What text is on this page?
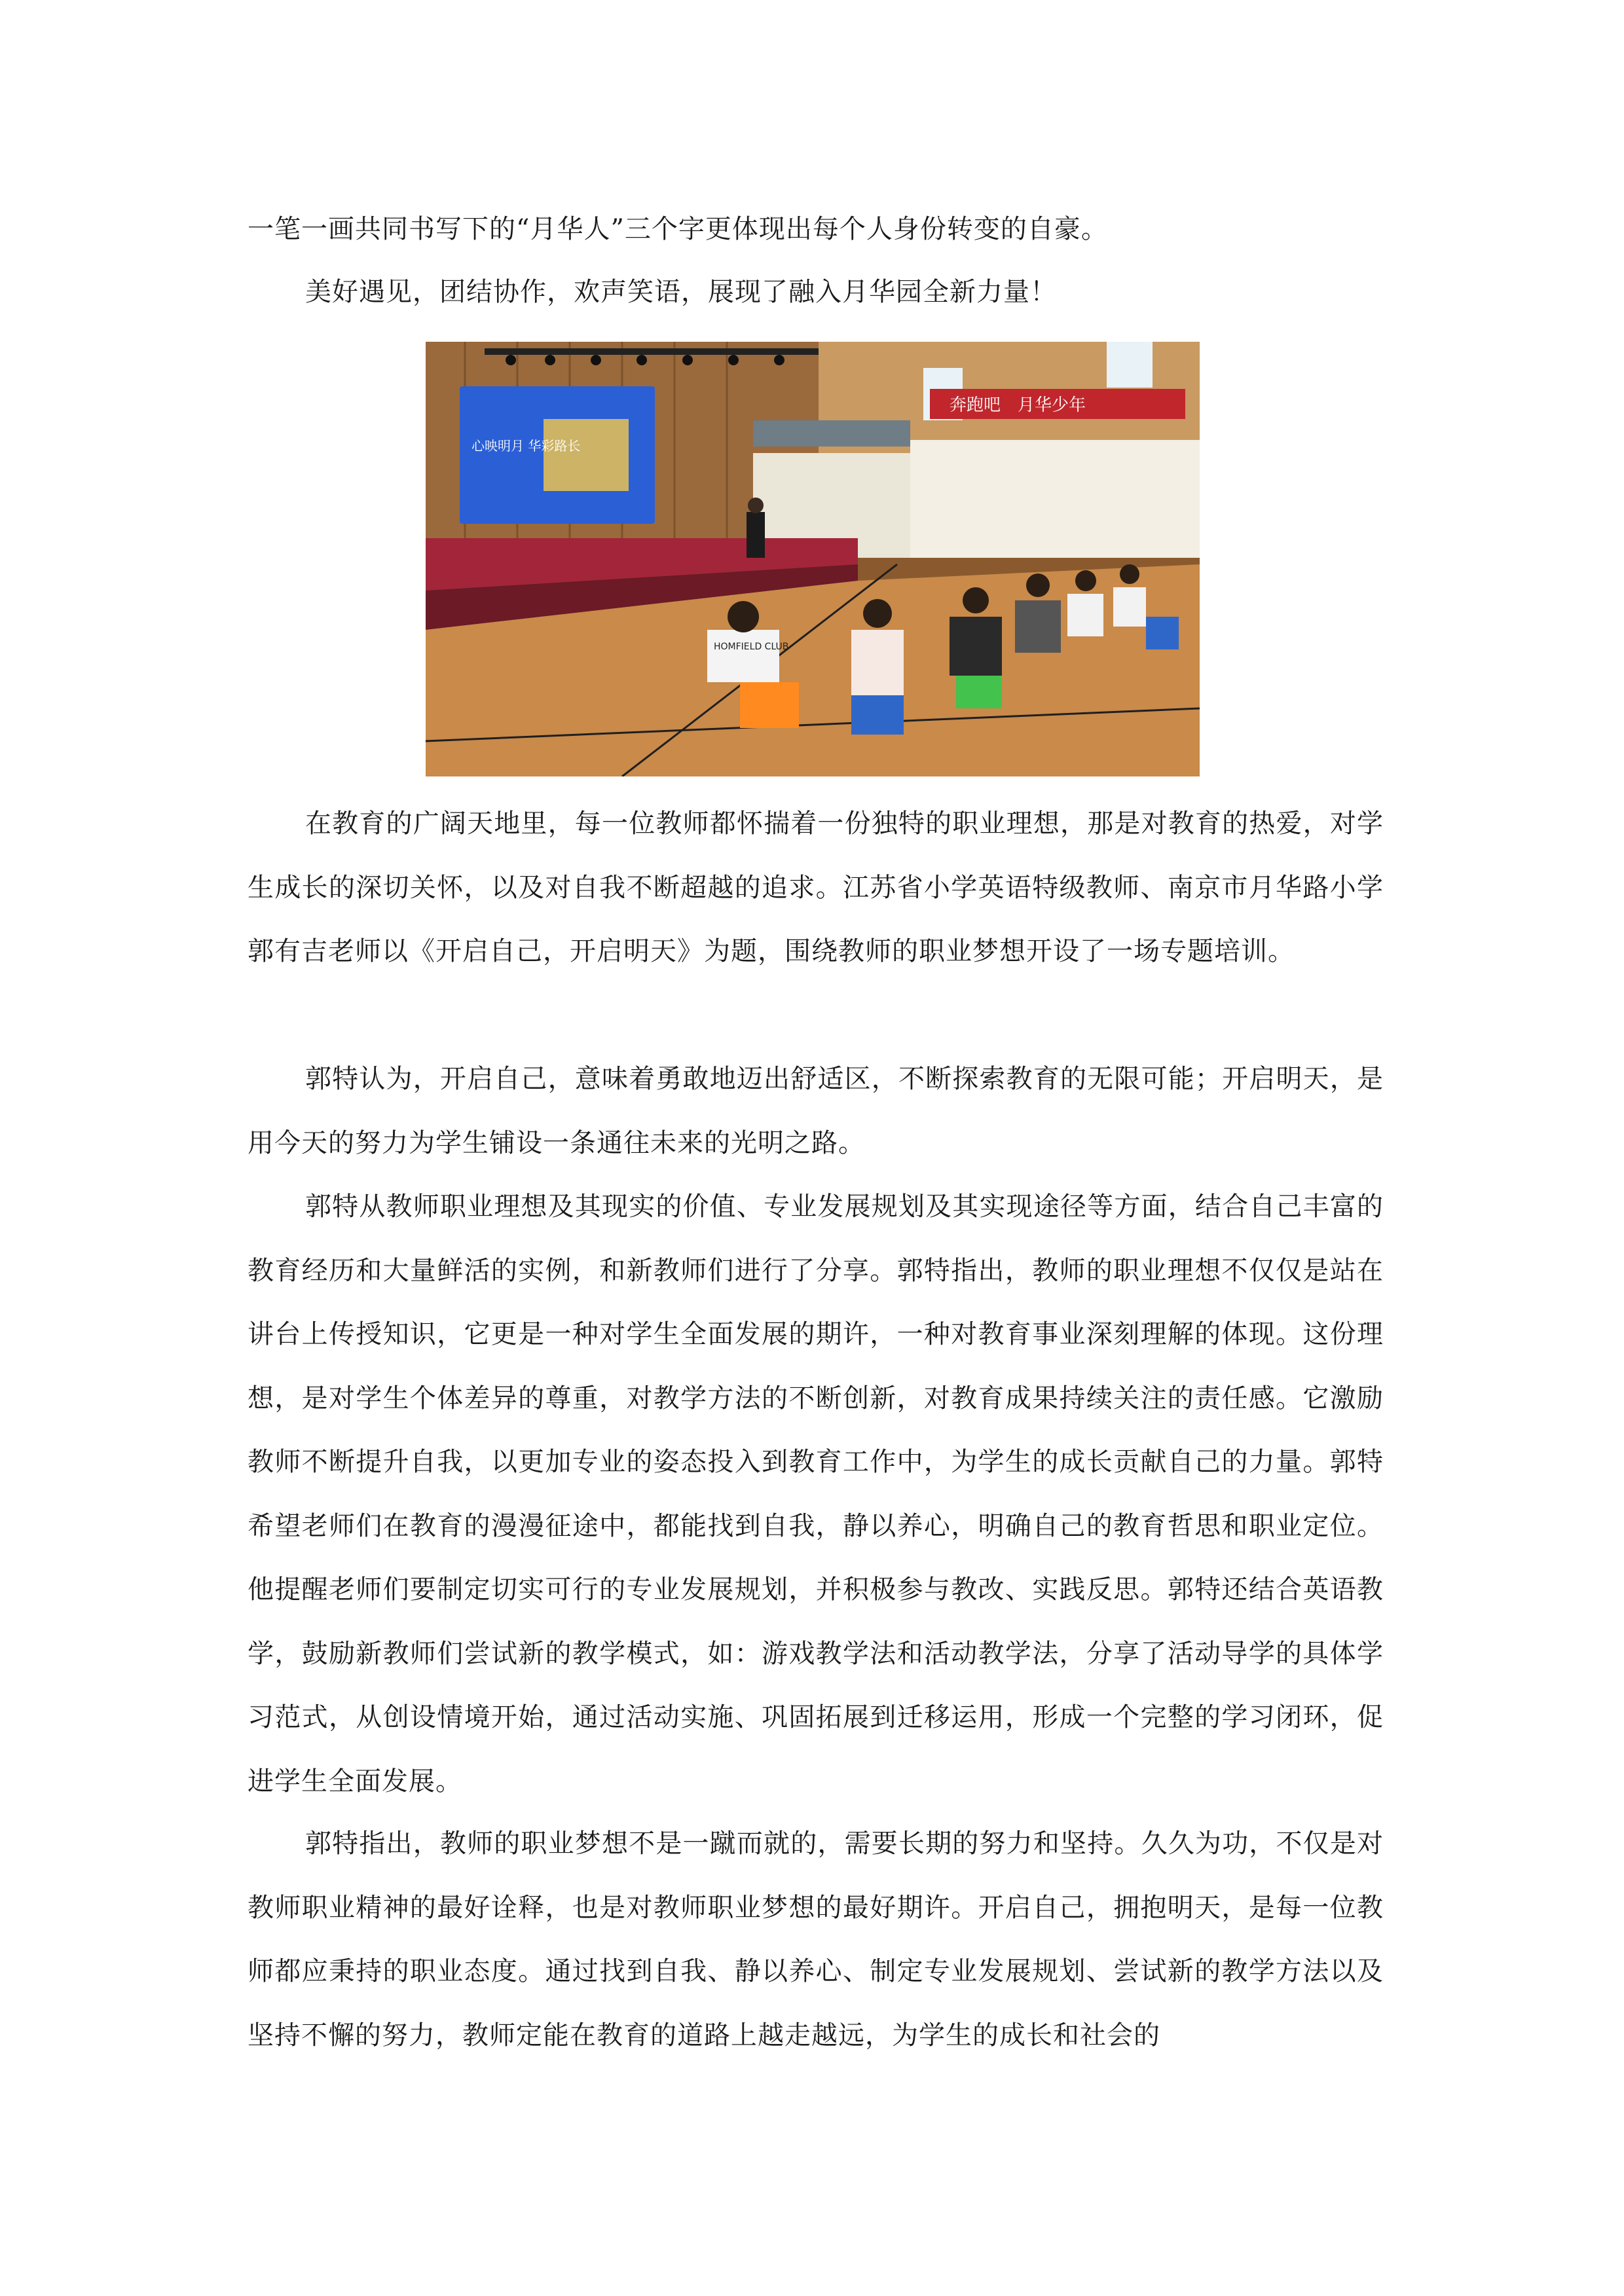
一笔一画共同书写下的“月华人”三个字更体现出每个人身份转变的自豪。

美好遇见，团结协作，欢声笑语，展现了融入月华园全新力量！

奔跑吧　月华少年
心映明月 华彩路长
HOMFIELD CLUB

在教育的广阔天地里，每一位教师都怀揣着一份独特的职业理想，那是对教育的热爱，对学生成长的深切关怀，以及对自我不断超越的追求。江苏省小学英语特级教师、南京市月华路小学郭有吉老师以《开启自己，开启明天》为题，围绕教师的职业梦想开设了一场专题培训。

郭特认为，开启自己，意味着勇敢地迈出舒适区，不断探索教育的无限可能；开启明天，是用今天的努力为学生铺设一条通往未来的光明之路。

郭特从教师职业理想及其现实的价值、专业发展规划及其实现途径等方面，结合自己丰富的教育经历和大量鲜活的实例，和新教师们进行了分享。郭特指出，教师的职业理想不仅仅是站在讲台上传授知识，它更是一种对学生全面发展的期许，一种对教育事业深刻理解的体现。这份理想，是对学生个体差异的尊重，对教学方法的不断创新，对教育成果持续关注的责任感。它激励教师不断提升自我，以更加专业的姿态投入到教育工作中，为学生的成长贡献自己的力量。郭特希望老师们在教育的漫漫征途中，都能找到自我，静以养心，明确自己的教育哲思和职业定位。他提醒老师们要制定切实可行的专业发展规划，并积极参与教改、实践反思。郭特还结合英语教学，鼓励新教师们尝试新的教学模式，如：游戏教学法和活动教学法，分享了活动导学的具体学习范式，从创设情境开始，通过活动实施、巩固拓展到迁移运用，形成一个完整的学习闭环，促进学生全面发展。

郭特指出，教师的职业梦想不是一蹴而就的，需要长期的努力和坚持。久久为功，不仅是对教师职业精神的最好诠释，也是对教师职业梦想的最好期许。开启自己，拥抱明天，是每一位教师都应秉持的职业态度。通过找到自我、静以养心、制定专业发展规划、尝试新的教学方法以及坚持不懈的努力，教师定能在教育的道路上越走越远，为学生的成长和社会的
